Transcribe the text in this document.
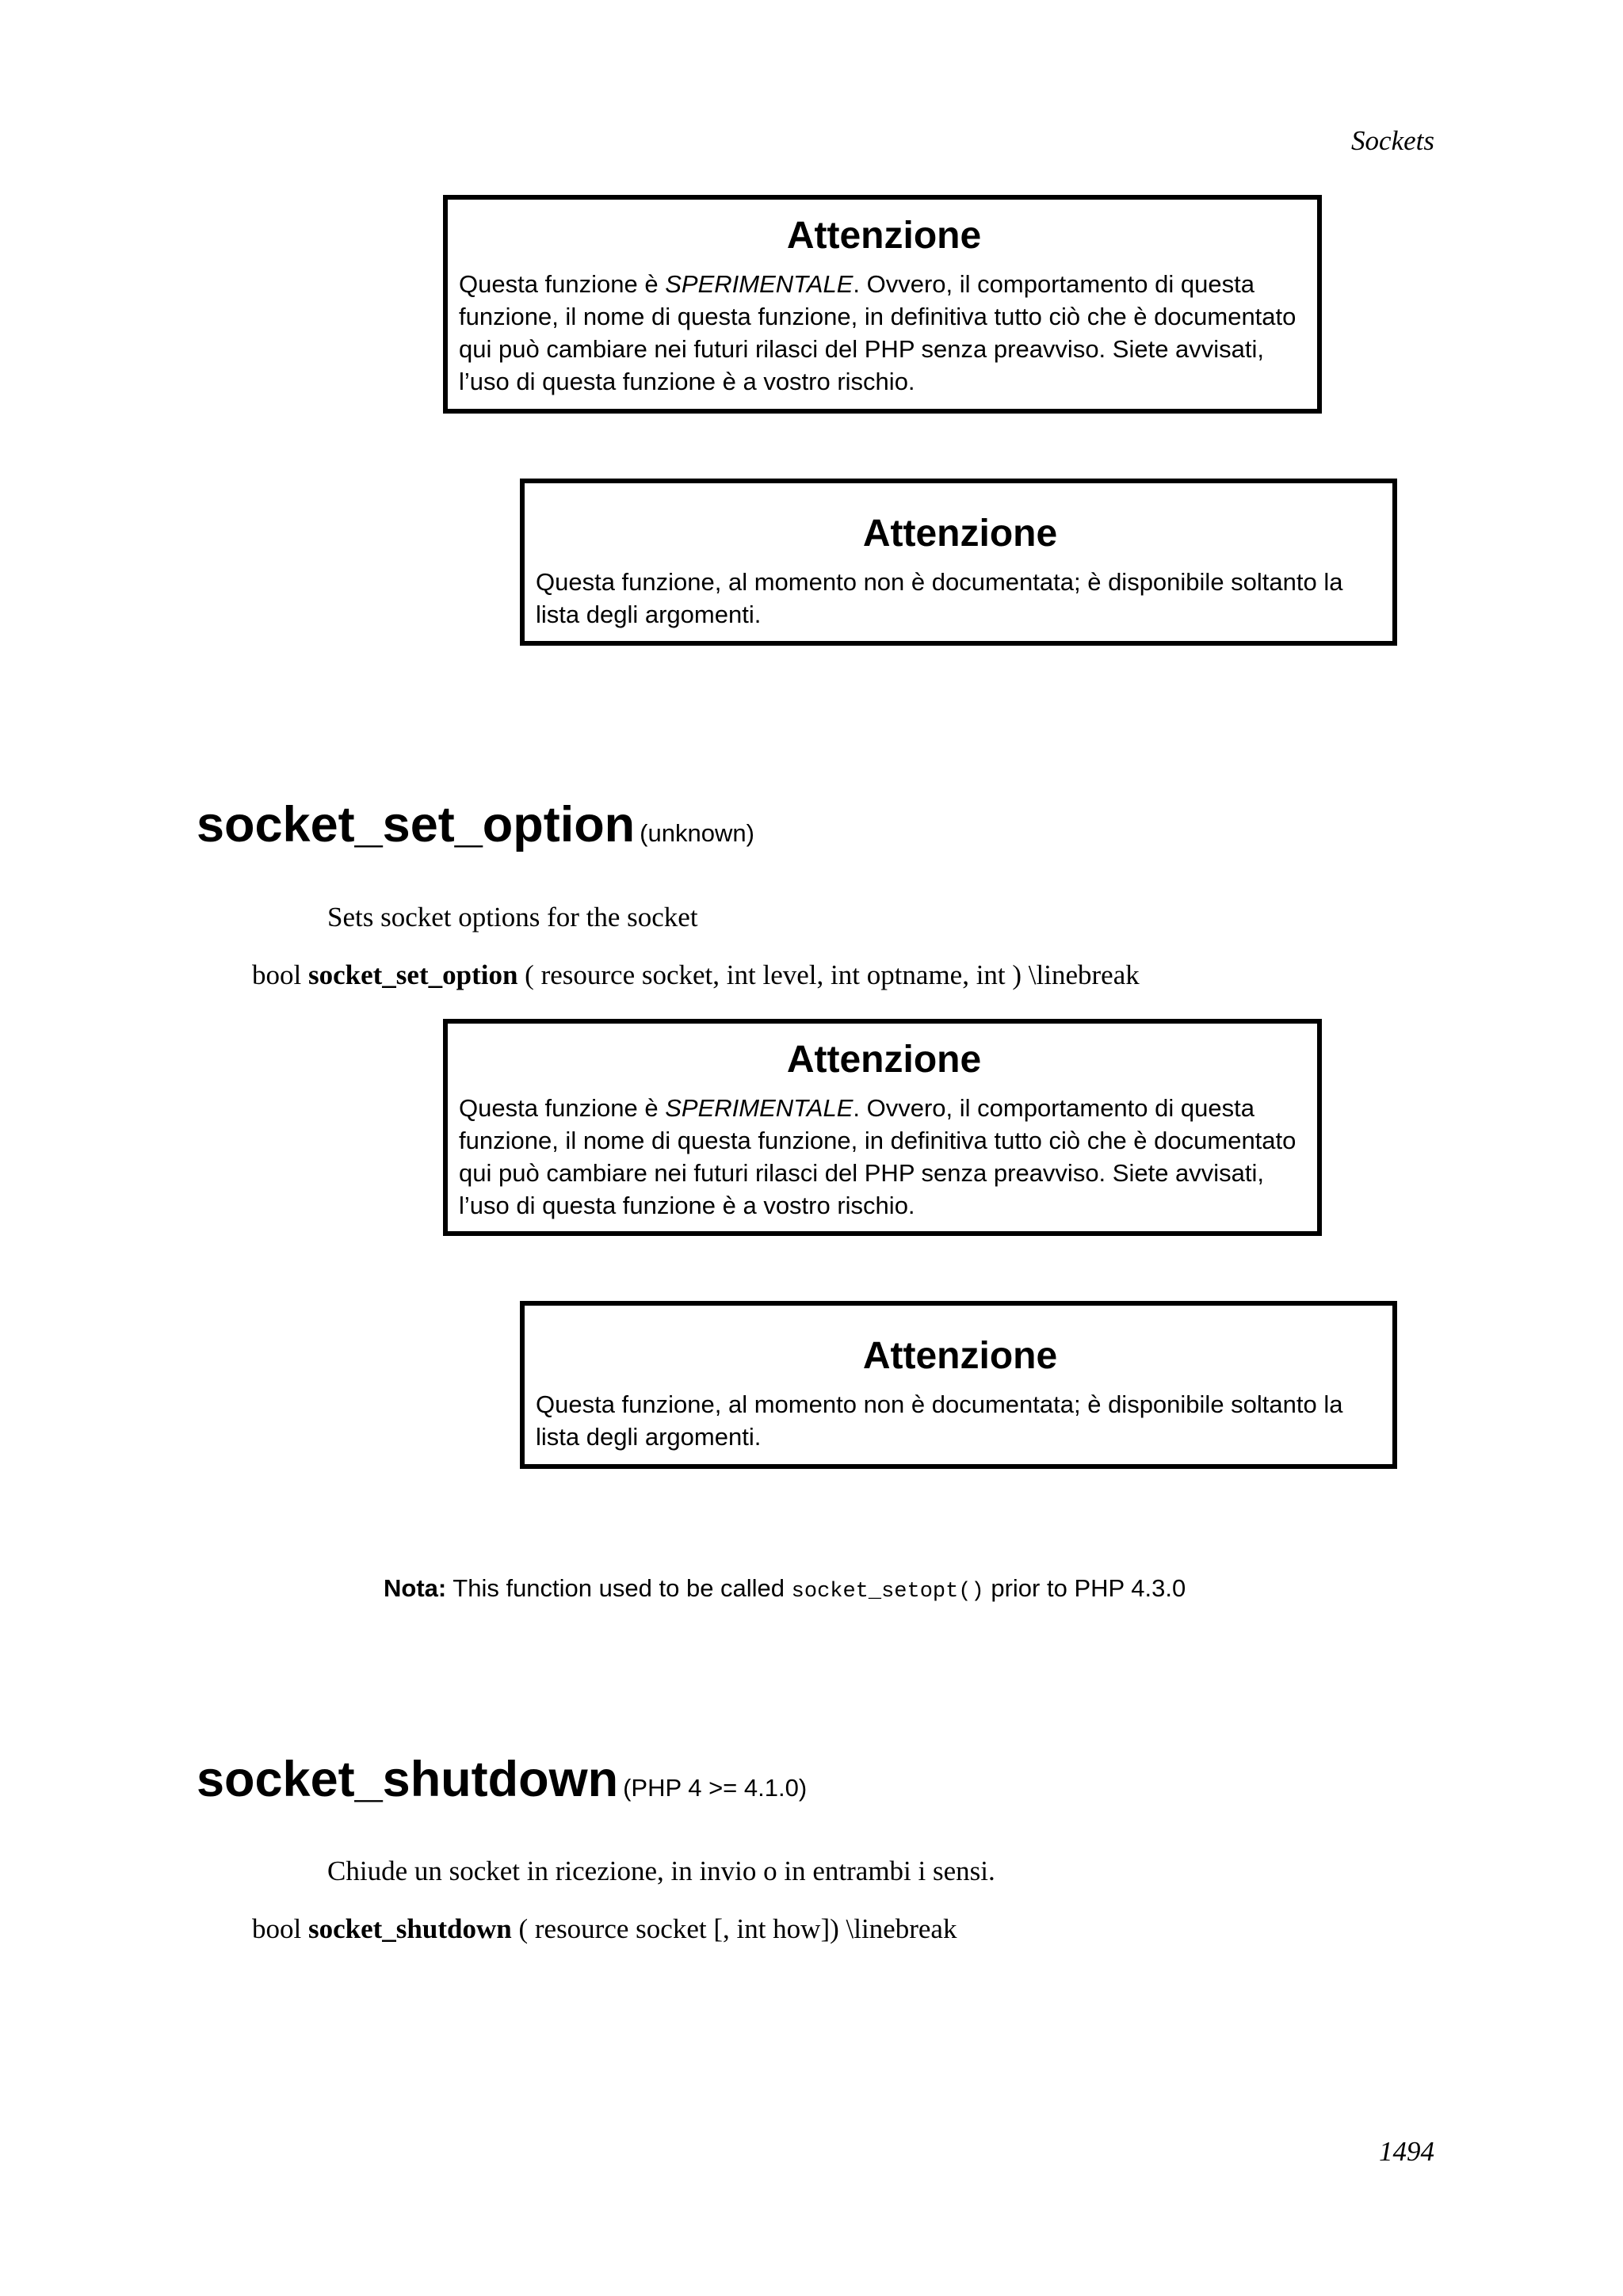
Sockets
Attenzione
Questa funzione è SPERIMENTALE. Ovvero, il comportamento di questa funzione, il nome di questa funzione, in definitiva tutto ciò che è documentato qui può cambiare nei futuri rilasci del PHP senza preavviso. Siete avvisati, l’uso di questa funzione è a vostro rischio.
Attenzione
Questa funzione, al momento non è documentata; è disponibile soltanto la lista degli argomenti.
socket_set_option (unknown)
Sets socket options for the socket
bool socket_set_option ( resource socket, int level, int optname, int ) \linebreak
Attenzione
Questa funzione è SPERIMENTALE. Ovvero, il comportamento di questa funzione, il nome di questa funzione, in definitiva tutto ciò che è documentato qui può cambiare nei futuri rilasci del PHP senza preavviso. Siete avvisati, l’uso di questa funzione è a vostro rischio.
Attenzione
Questa funzione, al momento non è documentata; è disponibile soltanto la lista degli argomenti.
Nota: This function used to be called socket_setopt() prior to PHP 4.3.0
socket_shutdown (PHP 4 >= 4.1.0)
Chiude un socket in ricezione, in invio o in entrambi i sensi.
bool socket_shutdown ( resource socket [, int how]) \linebreak
1494
